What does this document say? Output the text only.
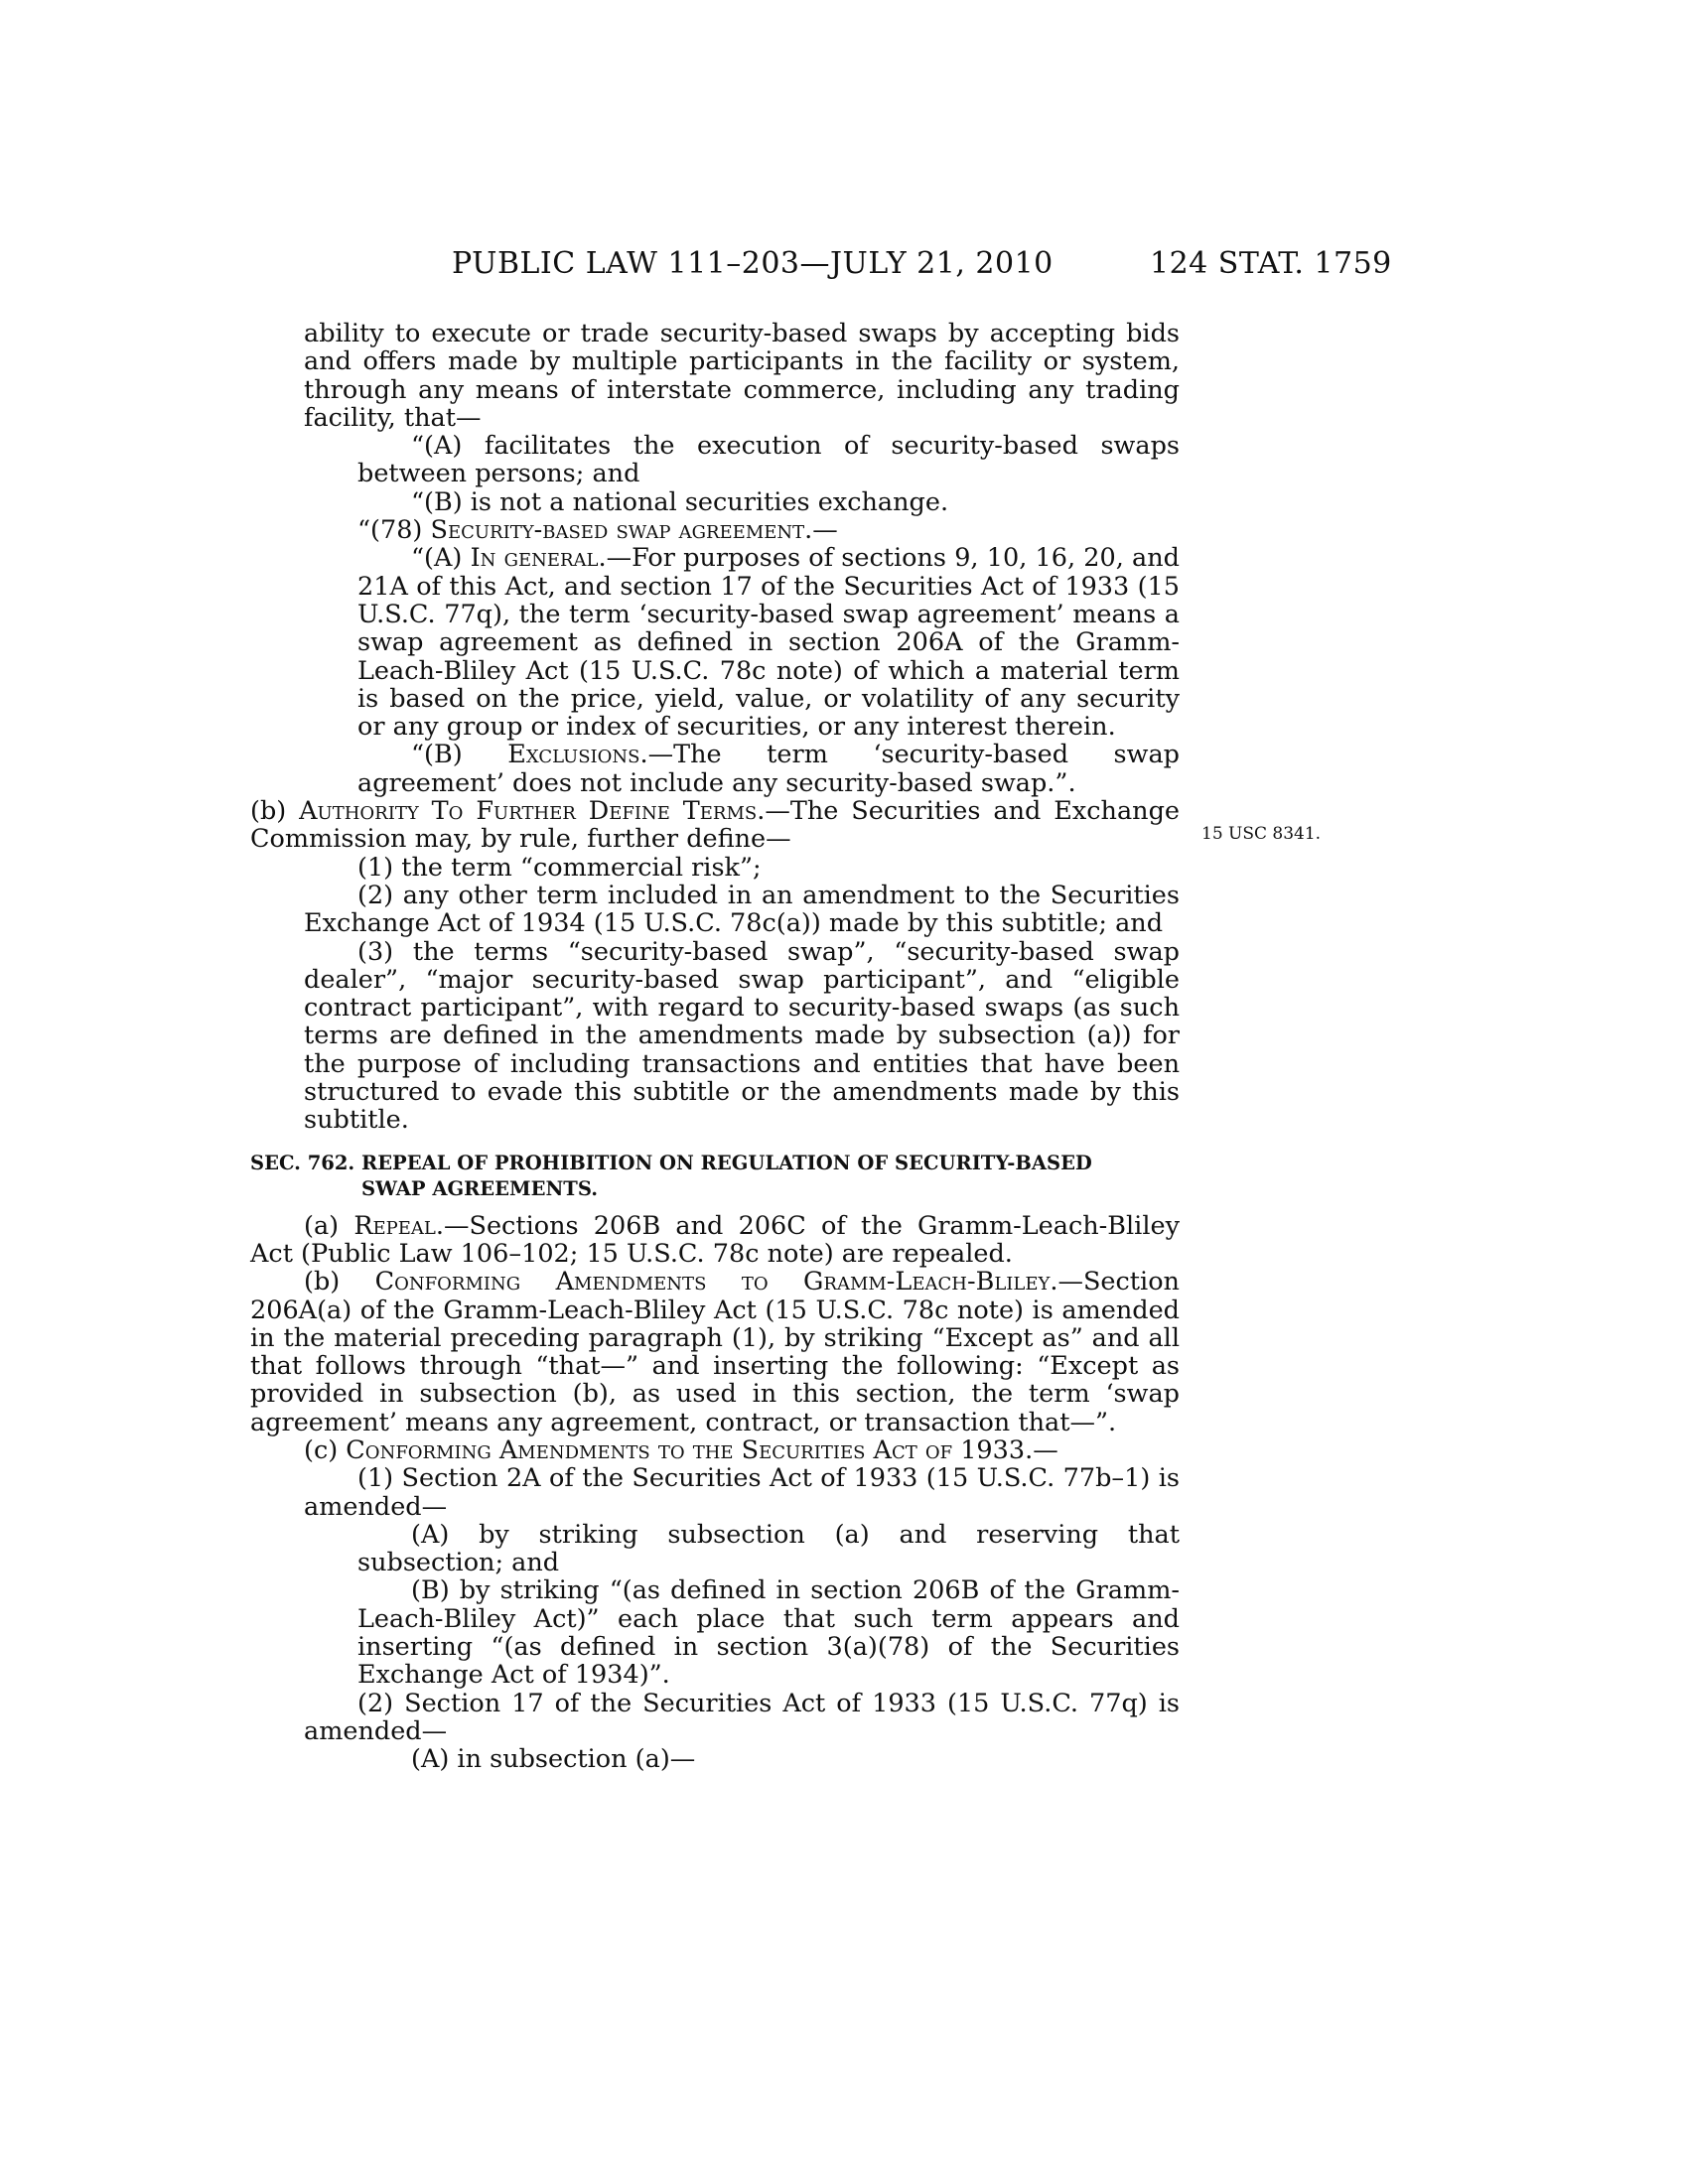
PUBLIC LAW 111–203—JULY 21, 2010	124 STAT. 1759
15 USC 8341.

ability to execute or trade security-based swaps by accepting bids and offers made by multiple participants in the facility or system, through any means of interstate commerce, including any trading facility, that—

“(A) facilitates the execution of security-based swaps between persons; and

“(B) is not a national securities exchange.

“(78) Security-based swap agreement.—

“(A) In general.—For purposes of sections 9, 10, 16, 20, and 21A of this Act, and section 17 of the Securities Act of 1933 (15 U.S.C. 77q), the term ‘security-based swap agreement’ means a swap agreement as defined in section 206A of the Gramm-Leach-Bliley Act (15 U.S.C. 78c note) of which a material term is based on the price, yield, value, or volatility of any security or any group or index of securities, or any interest therein.

“(B) Exclusions.—The term ‘security-based swap agreement’ does not include any security-based swap.”.

(b) Authority To Further Define Terms.—The Securities and Exchange Commission may, by rule, further define—

(1) the term “commercial risk”;

(2) any other term included in an amendment to the Securities Exchange Act of 1934 (15 U.S.C. 78c(a)) made by this subtitle; and

(3) the terms “security-based swap”, “security-based swap dealer”, “major security-based swap participant”, and “eligible contract participant”, with regard to security-based swaps (as such terms are defined in the amendments made by subsection (a)) for the purpose of including transactions and entities that have been structured to evade this subtitle or the amendments made by this subtitle.

SEC. 762. REPEAL OF PROHIBITION ON REGULATION OF SECURITY-BASED SWAP AGREEMENTS.

(a) Repeal.—Sections 206B and 206C of the Gramm-Leach-Bliley Act (Public Law 106–102; 15 U.S.C. 78c note) are repealed.

(b) Conforming Amendments to Gramm-Leach-Bliley.—Section 206A(a) of the Gramm-Leach-Bliley Act (15 U.S.C. 78c note) is amended in the material preceding paragraph (1), by striking “Except as” and all that follows through “that—” and inserting the following: “Except as provided in subsection (b), as used in this section, the term ‘swap agreement’ means any agreement, contract, or transaction that—”.

(c) Conforming Amendments to the Securities Act of 1933.—

(1) Section 2A of the Securities Act of 1933 (15 U.S.C. 77b–1) is amended—

(A) by striking subsection (a) and reserving that subsection; and

(B) by striking “(as defined in section 206B of the Gramm-Leach-Bliley Act)” each place that such term appears and inserting “(as defined in section 3(a)(78) of the Securities Exchange Act of 1934)”.

(2) Section 17 of the Securities Act of 1933 (15 U.S.C. 77q) is amended—

(A) in subsection (a)—
